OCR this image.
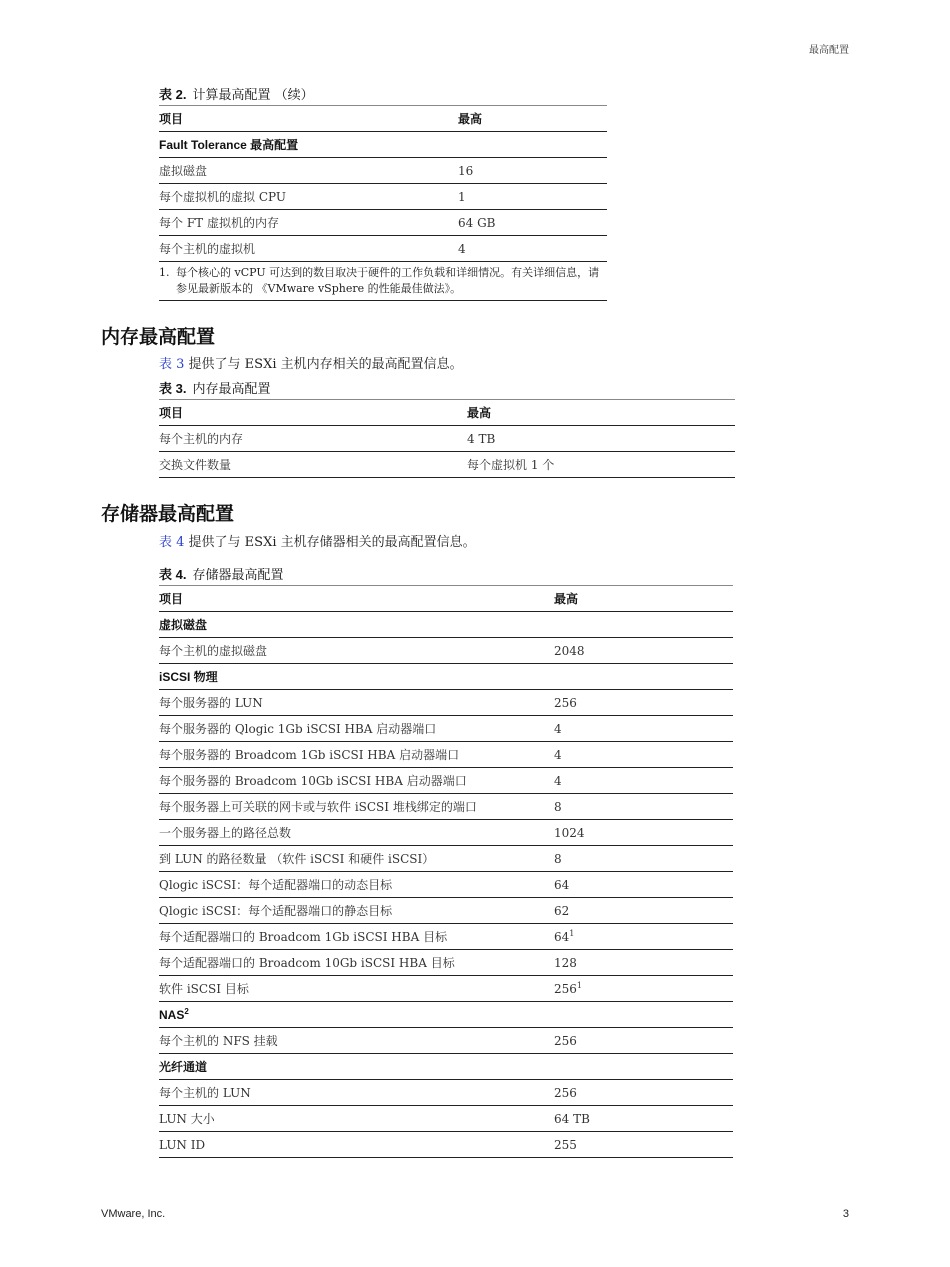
最高配置
表 2. 计算最高配置 （续）
项目	最高
Fault Tolerance 最高配置	
虚拟磁盘	16
每个虚拟机的虚拟 CPU	1
每个 FT 虚拟机的内存	64 GB
每个主机的虚拟机	4

1. 每个核心的 vCPU 可达到的数目取决于硬件的工作负载和详细情况。有关详细信息，请参见最新版本的 《VMware vSphere 的性能最佳做法》。	
内存最高配置
表 3 提供了与 ESXi 主机内存相关的最高配置信息。
表 3. 内存最高配置
项目	最高
每个主机的内存	4 TB
交换文件数量	每个虚拟机 1 个
存储器最高配置
表 4 提供了与 ESXi 主机存储器相关的最高配置信息。
表 4. 存储器最高配置
项目	最高
虚拟磁盘	
每个主机的虚拟磁盘	2048
iSCSI 物理	
每个服务器的 LUN	256
每个服务器的 Qlogic 1Gb iSCSI HBA 启动器端口	4
每个服务器的 Broadcom 1Gb iSCSI HBA 启动器端口	4
每个服务器的 Broadcom 10Gb iSCSI HBA 启动器端口	4
每个服务器上可关联的网卡或与软件 iSCSI 堆栈绑定的端口	8
一个服务器上的路径总数	1024
到 LUN 的路径数量 （软件 iSCSI 和硬件 iSCSI）	8
Qlogic iSCSI：每个适配器端口的动态目标	64
Qlogic iSCSI：每个适配器端口的静态目标	62
每个适配器端口的 Broadcom 1Gb iSCSI HBA 目标	$64^1$
每个适配器端口的 Broadcom 10Gb iSCSI HBA 目标	128
软件 iSCSI 目标	$256^1$
NAS$^2$
每个主机的 NFS 挂载	256
光纤通道	
每个主机的 LUN	256
LUN 大小	64 TB
LUN ID	255
VMware, Inc.	3
